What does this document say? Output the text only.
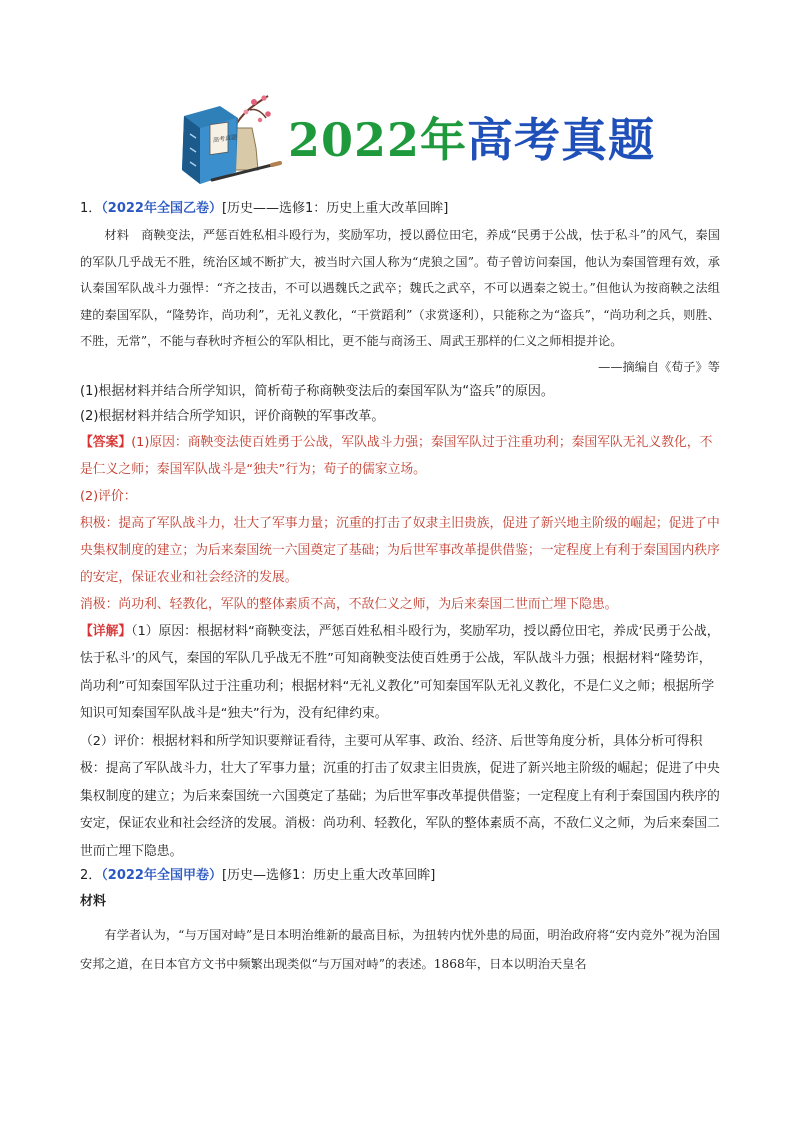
高考真题 2022年高考真题
1．（2022年全国乙卷）[历史——选修1：历史上重大改革回眸]
材料　商鞅变法，严惩百姓私相斗殴行为，奖励军功，授以爵位田宅，养成“民勇于公战，怯于私斗”的风气，秦国的军队几乎战无不胜，统治区域不断扩大，被当时六国人称为“虎狼之国”。荀子曾访问秦国，他认为秦国管理有效，承认秦国军队战斗力强悍：“齐之技击，不可以遇魏氏之武卒；魏氏之武卒，不可以遇秦之锐士。”但他认为按商鞅之法组建的秦国军队，“隆势诈，尚功利”，无礼义教化，“干赏蹈利”（求赏逐利），只能称之为“盗兵”，“尚功利之兵，则胜、不胜，无常”，不能与春秋时齐桓公的军队相比，更不能与商汤王、周武王那样的仁义之师相提并论。
——摘编自《荀子》等
(1)根据材料并结合所学知识，简析荀子称商鞅变法后的秦国军队为“盗兵”的原因。
(2)根据材料并结合所学知识，评价商鞅的军事改革。
【答案】(1)原因：商鞅变法使百姓勇于公战，军队战斗力强；秦国军队过于注重功利；秦国军队无礼义教化，不是仁义之师；秦国军队战斗是“独夫”行为；荀子的儒家立场。
(2)评价：
积极：提高了军队战斗力，壮大了军事力量；沉重的打击了奴隶主旧贵族，促进了新兴地主阶级的崛起；促进了中央集权制度的建立；为后来秦国统一六国奠定了基础；为后世军事改革提供借鉴；一定程度上有利于秦国国内秩序的安定，保证农业和社会经济的发展。
消极：尚功利、轻教化，军队的整体素质不高，不敌仁义之师，为后来秦国二世而亡埋下隐患。
【详解】（1）原因：根据材料“商鞅变法，严惩百姓私相斗殴行为，奖励军功，授以爵位田宅，养成‘民勇于公战，怯于私斗’的风气，秦国的军队几乎战无不胜”可知商鞅变法使百姓勇于公战，军队战斗力强；根据材料“隆势诈，尚功利”可知秦国军队过于注重功利；根据材料“无礼义教化”可知秦国军队无礼义教化，不是仁义之师；根据所学知识可知秦国军队战斗是“独夫”行为，没有纪律约束。
（2）评价：根据材料和所学知识要辩证看待，主要可从军事、政治、经济、后世等角度分析，具体分析可得积极：提高了军队战斗力，壮大了军事力量；沉重的打击了奴隶主旧贵族，促进了新兴地主阶级的崛起；促进了中央集权制度的建立；为后来秦国统一六国奠定了基础；为后世军事改革提供借鉴；一定程度上有利于秦国国内秩序的安定，保证农业和社会经济的发展。消极：尚功利、轻教化，军队的整体素质不高，不敌仁义之师，为后来秦国二世而亡埋下隐患。
2．（2022年全国甲卷）[历史—选修1：历史上重大改革回眸]
材料
有学者认为，“与万国对峙”是日本明治维新的最高目标，为扭转内忧外患的局面，明治政府将“安内竞外”视为治国安邦之道，在日本官方文书中频繁出现类似“与万国对峙”的表述。1868年，日本以明治天皇名
